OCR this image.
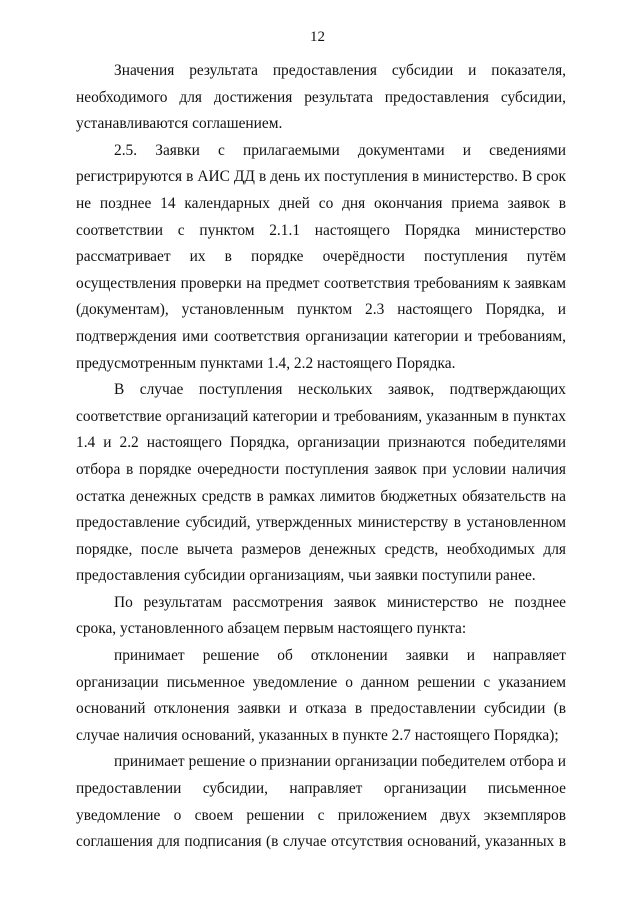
12

Значения результата предоставления субсидии и показателя, необходимого для достижения результата предоставления субсидии, устанавливаются соглашением.

2.5. Заявки с прилагаемыми документами и сведениями регистрируются в АИС ДД в день их поступления в министерство. В срок не позднее 14 календарных дней со дня окончания приема заявок в соответствии с пунктом 2.1.1 настоящего Порядка министерство рассматривает их в порядке очерёдности поступления путём осуществления проверки на предмет соответствия требованиям к заявкам (документам), установленным пунктом 2.3 настоящего Порядка, и подтверждения ими соответствия организации категории и требованиям, предусмотренным пунктами 1.4, 2.2 настоящего Порядка.

В случае поступления нескольких заявок, подтверждающих соответствие организаций категории и требованиям, указанным в пунктах 1.4 и 2.2 настоящего Порядка, организации признаются победителями отбора в порядке очередности поступления заявок при условии наличия остатка денежных средств в рамках лимитов бюджетных обязательств на предоставление субсидий, утвержденных министерству в установленном порядке, после вычета размеров денежных средств, необходимых для предоставления субсидии организациям, чьи заявки поступили ранее.

По результатам рассмотрения заявок министерство не позднее срока, установленного абзацем первым настоящего пункта:

принимает решение об отклонении заявки и направляет организации письменное уведомление о данном решении с указанием оснований отклонения заявки и отказа в предоставлении субсидии (в случае наличия оснований, указанных в пункте 2.7 настоящего Порядка);

принимает решение о признании организации победителем отбора и предоставлении субсидии, направляет организации письменное уведомление о своем решении с приложением двух экземпляров соглашения для подписания (в случае отсутствия оснований, указанных в
